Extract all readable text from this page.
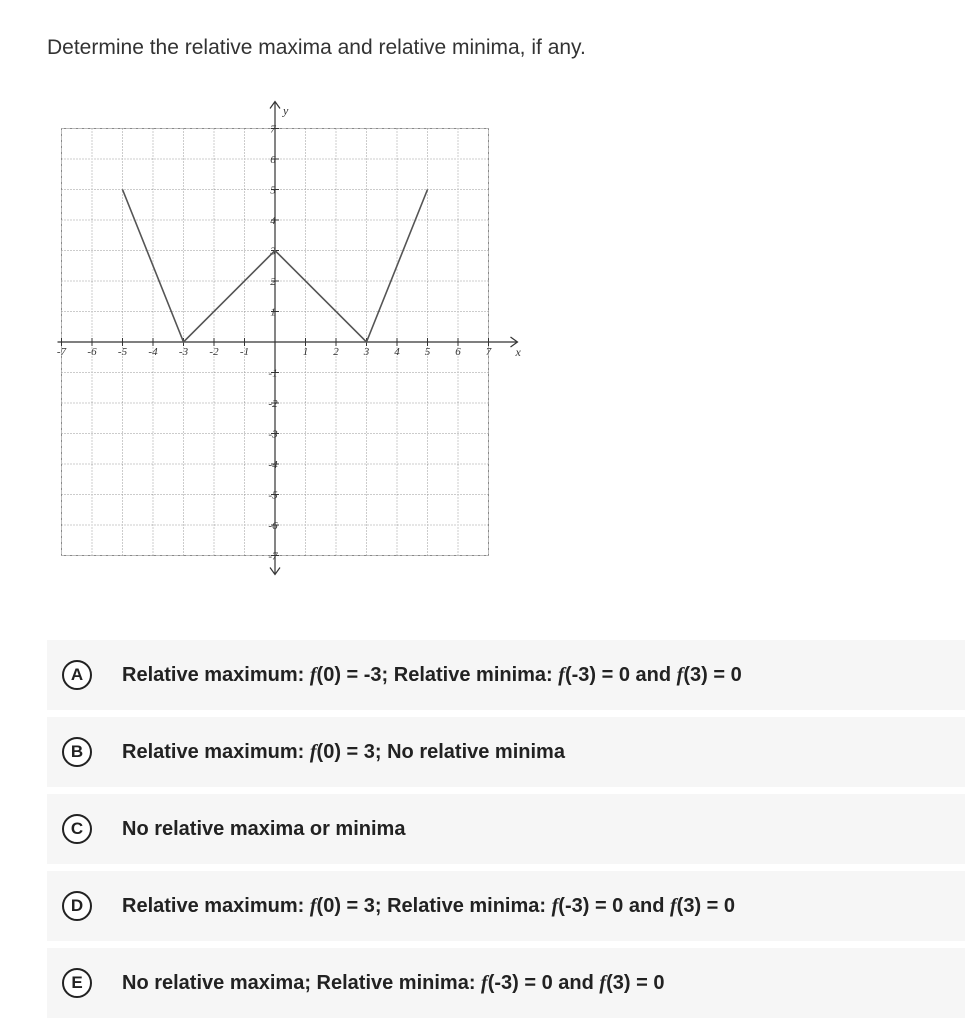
Determine the relative maxima and relative minima, if any.
-7 -6 -5 -4 -3 -2 -1	1 2 3 4 5 6 7
7
6
5
4
3
2
1
-1
-2
-3
-4
-5
-6
-7
x
y
A	Relative maximum: f(0) = -3; Relative minima: f(-3) = 0 and f(3) = 0
B	Relative maximum: f(0) = 3; No relative minima
C	No relative maxima or minima
D	Relative maximum: f(0) = 3; Relative minima: f(-3) = 0 and f(3) = 0
E	No relative maxima; Relative minima: f(-3) = 0 and f(3) = 0
